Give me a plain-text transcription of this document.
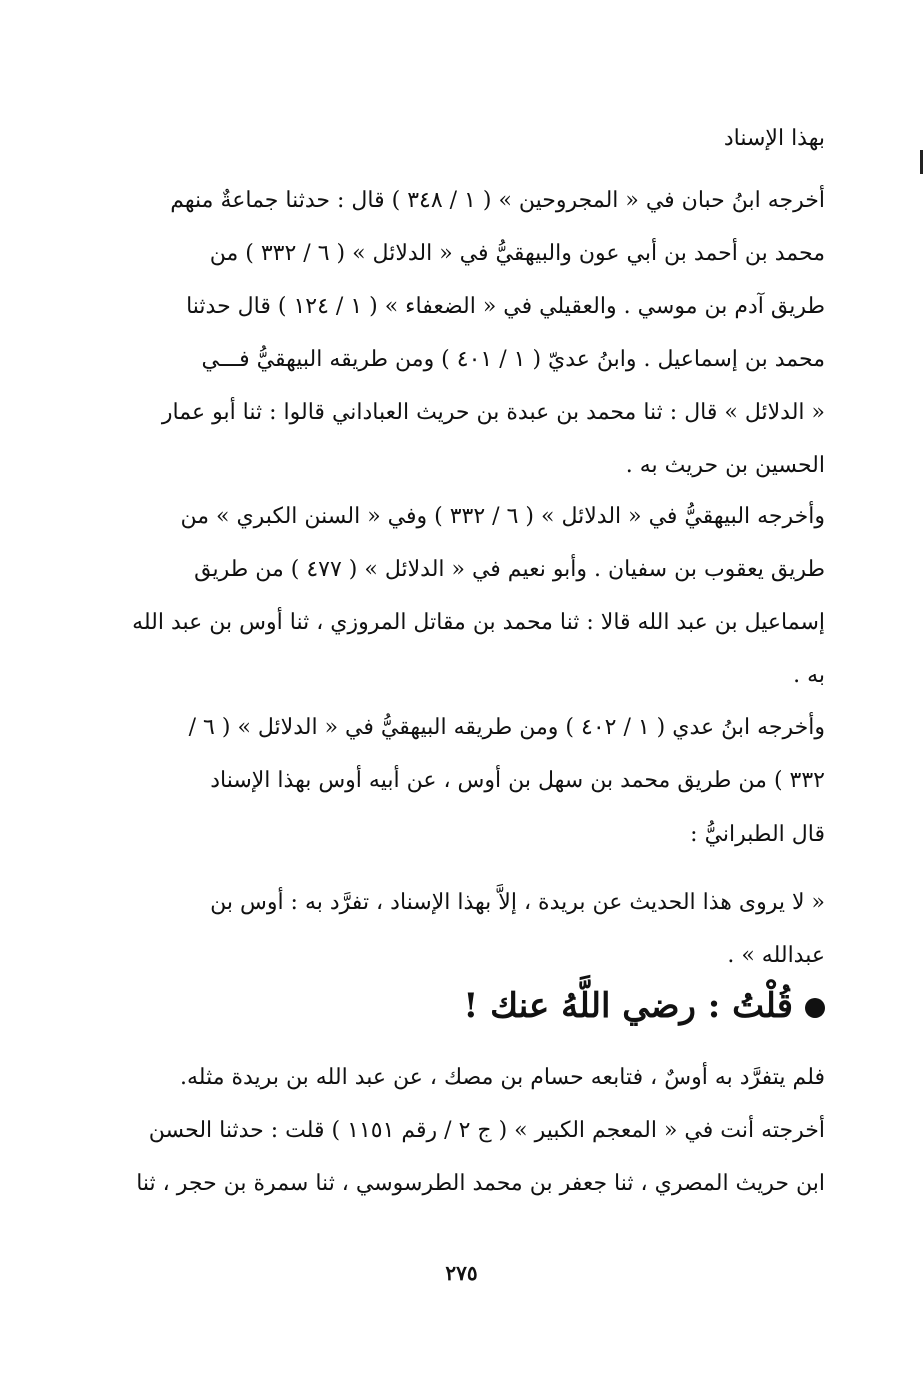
بهذا الإسناد
أخرجه ابنُ حبان في « المجروحين » ( ١ / ٣٤٨ ) قال : حدثنا جماعةٌ منهم
محمد بن أحمد بن أبي عون والبيهقيُّ في « الدلائل » ( ٦ / ٣٣٢ ) من
طريق آدم بن موسي . والعقيلي في « الضعفاء » ( ١ / ١٢٤ ) قال حدثنا
محمد بن إسماعيل . وابنُ عديّ ( ١ / ٤٠١ ) ومن طريقه البيهقيُّ فـــي
« الدلائل » قال : ثنا محمد بن عبدة بن حريث العباداني قالوا : ثنا أبو عمار
الحسين بن حريث به .
وأخرجه البيهقيُّ في « الدلائل » ( ٦ / ٣٣٢ ) وفي « السنن الكبري » من
طريق يعقوب بن سفيان . وأبو نعيم في « الدلائل » ( ٤٧٧ ) من طريق
إسماعيل بن عبد الله قالا : ثنا محمد بن مقاتل المروزي ، ثنا أوس بن عبد الله
به .
وأخرجه ابنُ عدي ( ١ / ٤٠٢ ) ومن طريقه البيهقيُّ في « الدلائل » ( ٦ /
٣٣٢ ) من طريق محمد بن سهل بن أوس ، عن أبيه أوس بهذا الإسناد
قال الطبرانيُّ :
« لا يروى هذا الحديث عن بريدة ، إلاَّ بهذا الإسناد ، تفرَّد به : أوس بن
عبدالله » .
قُلْتُ : رضي اللَّهُ عنك !
فلم يتفرَّد به أوسٌ ، فتابعه حسام بن مصك ، عن عبد الله بن بريدة مثله.
أخرجته أنت في « المعجم الكبير » ( ج ٢ / رقم ١١٥١ ) قلت : حدثنا الحسن
ابن حريث المصري ، ثنا جعفر بن محمد الطرسوسي ، ثنا سمرة بن حجر ، ثنا
٢٧٥
